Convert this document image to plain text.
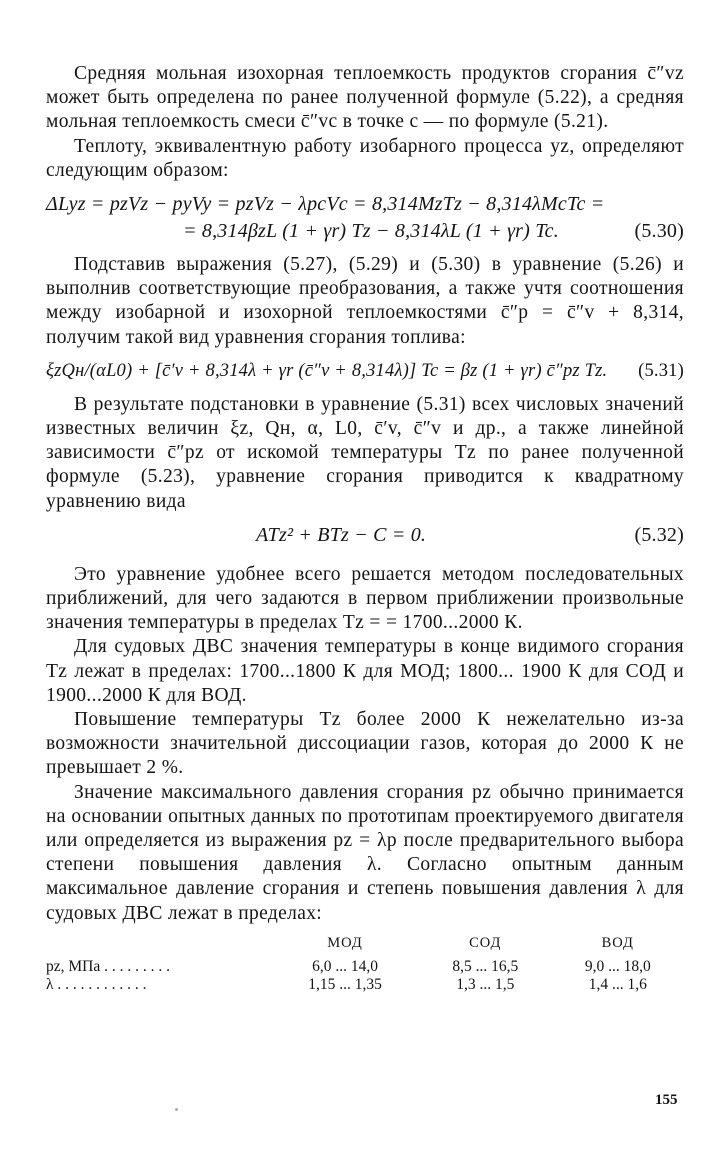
Средняя мольная изохорная теплоемкость продуктов сгорания c̄″vz может быть определена по ранее полученной формуле (5.22), а средняя мольная теплоемкость смеси c̄″vc в точке c — по формуле (5.21).

Теплоту, эквивалентную работу изобарного процесса yz, определяют следующим образом:

ΔLyz = pzVz − pyVy = pzVz − λpcVc = 8,314MzTz − 8,314λMcTc =
= 8,314βzL (1 + γr) Tz − 8,314λL (1 + γr) Tc.	(5.30)

Подставив выражения (5.27), (5.29) и (5.30) в уравнение (5.26) и выполнив соответствующие преобразования, а также учтя соотношения между изобарной и изохорной теплоемкостями c̄″p = c̄″v + 8,314, получим такой вид уравнения сгорания топлива:

ξzQн/(αL0) + [c̄′v + 8,314λ + γr (c̄″v + 8,314λ)] Tc = βz (1 + γr) c̄″pz Tz. (5.31)

В результате подстановки в уравнение (5.31) всех числовых значений известных величин ξz, Qн, α, L0, c̄′v, c̄″v и др., а также линейной зависимости c̄″pz от искомой температуры Tz по ранее полученной формуле (5.23), уравнение сгорания приводится к квадратному уравнению вида

ATz² + BTz − C = 0.	(5.32)

Это уравнение удобнее всего решается методом последовательных приближений, для чего задаются в первом приближении произвольные значения температуры в пределах Tz = = 1700...2000 К.

Для судовых ДВС значения температуры в конце видимого сгорания Tz лежат в пределах: 1700...1800 К для МОД; 1800... 1900 К для СОД и 1900...2000 К для ВОД.

Повышение температуры Tz более 2000 К нежелательно из-за возможности значительной диссоциации газов, которая до 2000 К не превышает 2 %.

Значение максимального давления сгорания pz обычно принимается на основании опытных данных по прототипам проектируемого двигателя или определяется из выражения pz = λp после предварительного выбора степени повышения давления λ. Согласно опытным данным максимальное давление сгорания и степень повышения давления λ для судовых ДВС лежат в пределах:

	МОД	СОД	ВОД
pz, МПа . . . . . . . . .	6,0 ... 14,0	8,5 ... 16,5	9,0 ... 18,0
λ . . . . . . . . . . . .	1,15 ... 1,35	1,3 ... 1,5	1,4 ... 1,6
155
